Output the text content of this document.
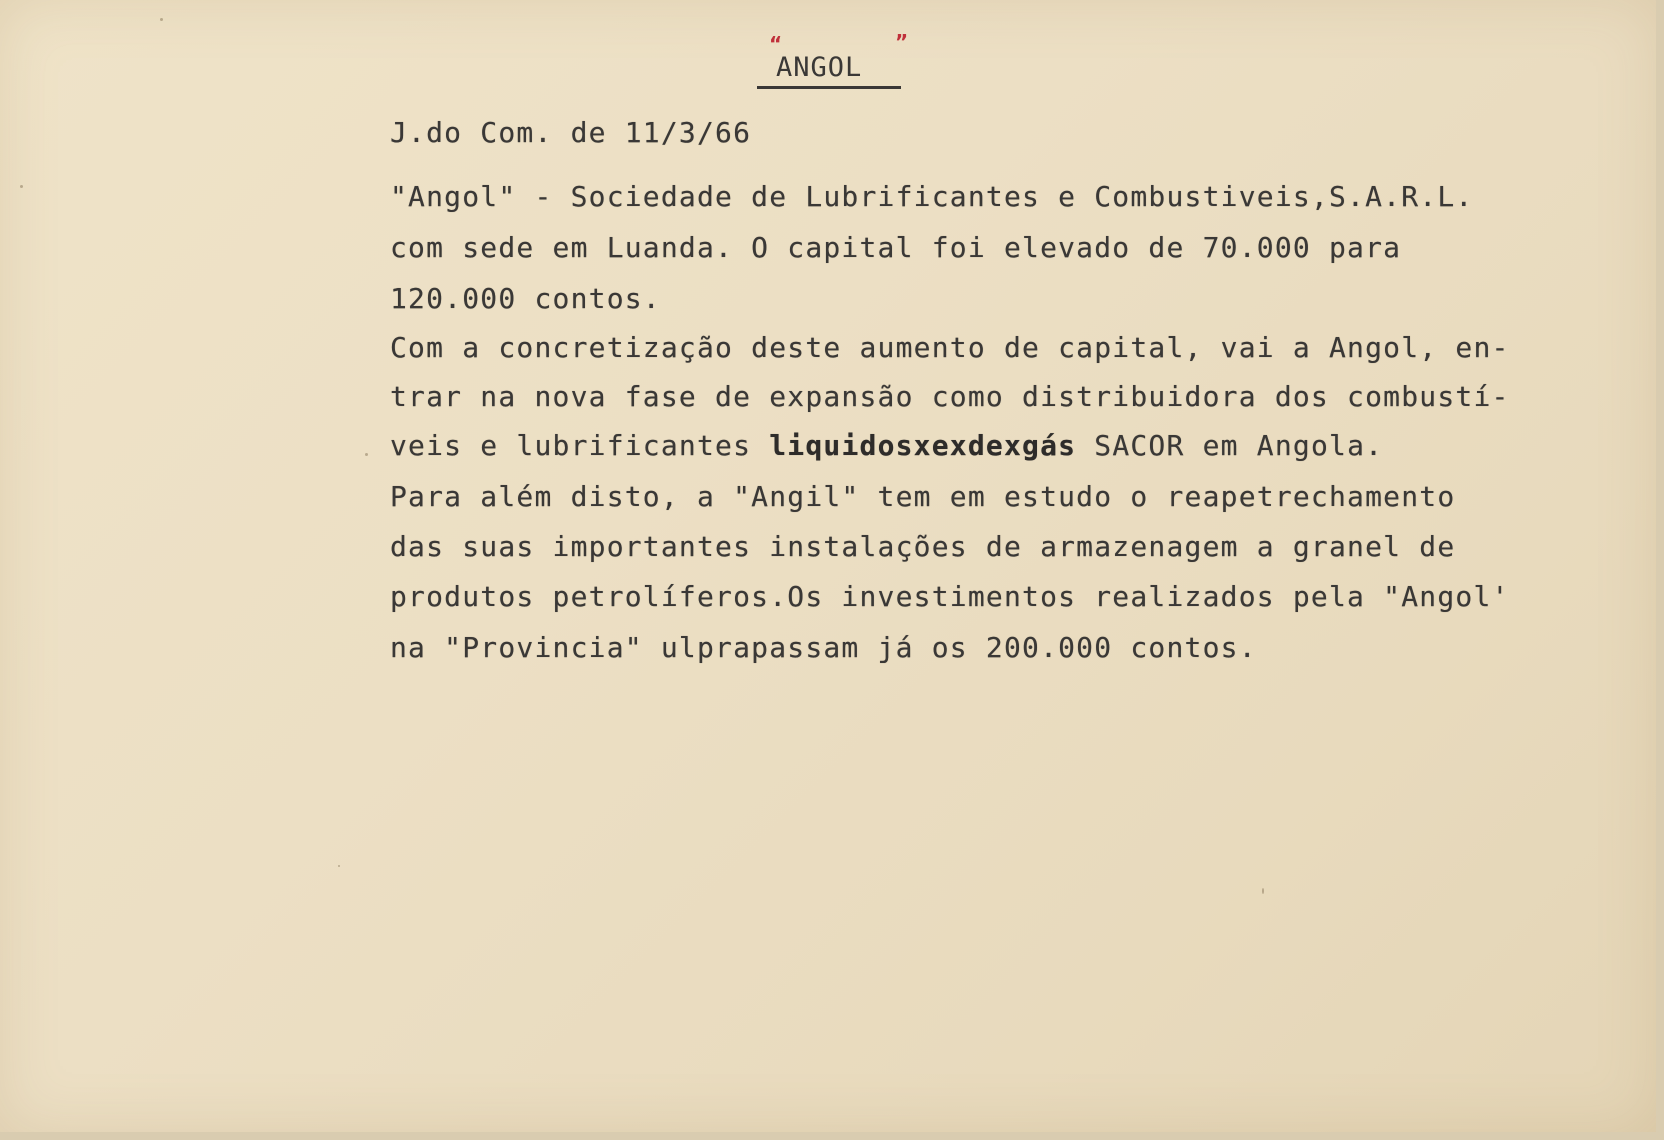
“
ANGOL
”
J.do Com. de 11/3/66
"Angol" - Sociedade de Lubrificantes e Combustiveis,S.A.R.L.
com sede em Luanda. O capital foi elevado de 70.000 para
120.000 contos.
Com a concretização deste aumento de capital, vai a Angol, en-
trar na nova fase de expansão como distribuidora dos combustí-
veis e lubrificantes liquidosxexdexgás SACOR em Angola.
Para além disto, a "Angil" tem em estudo o reapetrechamento
das suas importantes instalações de armazenagem a granel de
produtos petrolíferos.Os investimentos realizados pela "Angol'
na "Provincia" ulprapassam já os 200.000 contos.
